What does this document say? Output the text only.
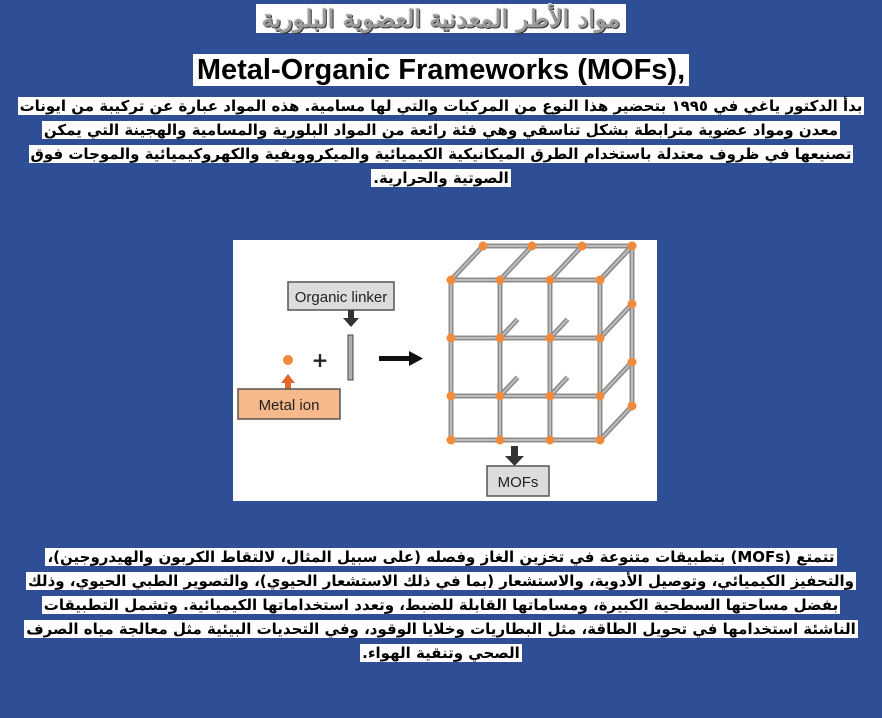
مواد الأطر المعدنية العضوية البلورية
Metal-Organic Frameworks (MOFs),
بدأ الدكتور ياغي في ١٩٩٥ بتحضير هذا النوع من المركبات والتي لها مسامية. هذه المواد عبارة عن تركيبة من ايونات معدن ومواد عضوية مترابطة بشكل تناسقي وهي فئة رائعة من المواد البلورية والمسامية والهجينة التي يمكن تصنيعها في ظروف معتدلة باستخدام الطرق الميكانيكية الكيميائية والميكروويفية والكهروكيميائية والموجات فوق الصوتية والحرارية.
Organic linker
+
Metal ion
MOFs
تتمتع (MOFs) بتطبيقات متنوعة في تخزين الغاز وفصله (على سبيل المثال، لالتقاط الكربون والهيدروجين)، والتحفيز الكيميائي، وتوصيل الأدوية، والاستشعار (بما في ذلك الاستشعار الحيوي)، والتصوير الطبي الحيوي، وذلك بفضل مساحتها السطحية الكبيرة، ومساماتها القابلة للضبط، وتعدد استخداماتها الكيميائية. وتشمل التطبيقات الناشئة استخدامها في تحويل الطاقة، مثل البطاريات وخلايا الوقود، وفي التحديات البيئية مثل معالجة مياه الصرف الصحي وتنقية الهواء.
